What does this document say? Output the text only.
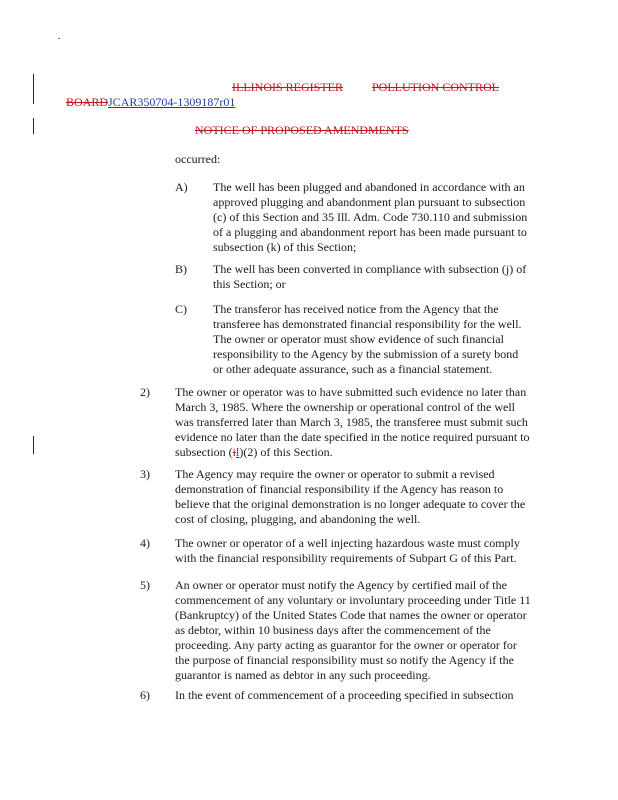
ILLINOIS REGISTER POLLUTION CONTROL
BOARDJCAR350704-1309187r01
NOTICE OF PROPOSED AMENDMENTS
occurred:
A) The well has been plugged and abandoned in accordance with an approved plugging and abandonment plan pursuant to subsection (c) of this Section and 35 Ill. Adm. Code 730.110 and submission of a plugging and abandonment report has been made pursuant to subsection (k) of this Section;
B) The well has been converted in compliance with subsection (j) of this Section; or
C) The transferor has received notice from the Agency that the transferee has demonstrated financial responsibility for the well. The owner or operator must show evidence of such financial responsibility to the Agency by the submission of a surety bond or other adequate assurance, such as a financial statement.
2) The owner or operator was to have submitted such evidence no later than March 3, 1985. Where the ownership or operational control of the well was transferred later than March 3, 1985, the transferee must submit such evidence no later than the date specified in the notice required pursuant to subsection (il)(2) of this Section.
3) The Agency may require the owner or operator to submit a revised demonstration of financial responsibility if the Agency has reason to believe that the original demonstration is no longer adequate to cover the cost of closing, plugging, and abandoning the well.
4) The owner or operator of a well injecting hazardous waste must comply with the financial responsibility requirements of Subpart G of this Part.
5) An owner or operator must notify the Agency by certified mail of the commencement of any voluntary or involuntary proceeding under Title 11 (Bankruptcy) of the United States Code that names the owner or operator as debtor, within 10 business days after the commencement of the proceeding. Any party acting as guarantor for the owner or operator for the purpose of financial responsibility must so notify the Agency if the guarantor is named as debtor in any such proceeding.
6) In the event of commencement of a proceeding specified in subsection
